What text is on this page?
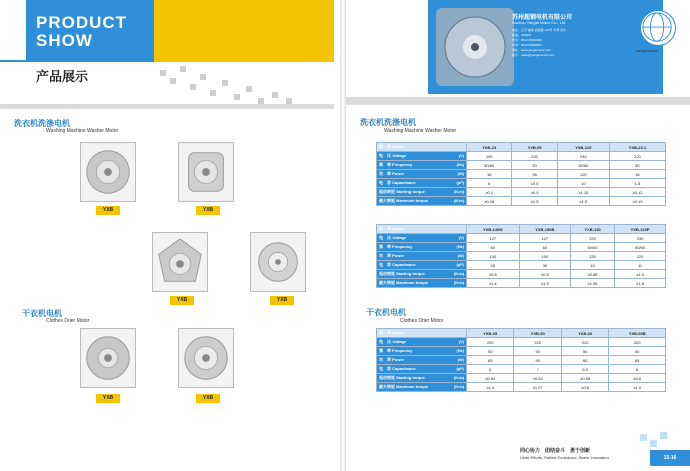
PRODUCT
SHOW
产品展示
洗衣机洗涤电机
Washing Machine Washer Motor
YXB	YXB
YXB	YXB
干衣机电机
Clothes Drier Motor
YXB	YXB
苏州超钢电机有限公司
Suzhou Yangai Motor Co., Ltd.
地址：江苏 福建 高新路 123号 苏州 吴中
邮编：215000
电话：0512-65000000
传真：0512-65000001
网址：www.yangaimotor.com
邮件：sales@yangaimotor.com
yangaimotor
洗衣机洗涤电机
Washing Machine Washer Motor
型　号 Model	YXB-23	YXB-95	YXB-120	YXB-23-1
电　压 Voltage (V)	100	220	240	220
频　率 Frequency (Hz)	50/60	50	50/60	50
功　率 Power (W)	18	95	120	18
电　容 Capacitance (μF)	6	10.5	10	1.5
起动转矩 Starting torque (N.m)	≥0.1	≥0.9	≥1.15	≥0.12
最大转矩 Maximum torque (N.m)	≥0.18	≥1.5	≥1.5	≥0.19
型　号 Model	YXB-140M	YXB-150B	YXB-130	YXB-120P
电　压 Voltage (V)	127	127	220	230
频　率 Frequency (Hz)	60	60	50/60	50/60
功　率 Power (W)	140	150	130	120
电　容 Capacitance (μF)	28	30	10	11
起动转矩 Starting torque (N.m)	≥0.8	≥0.8	≥0.85	≥1.0
最大转矩 Maximum torque (N.m)	≥1.4	≥1.5	≥1.55	≥1.8
干衣机电机
Clothes Drier Motor
型　号 Model	YXB-65	YXB-90	YXB-60	YXB-65B
电　压 Voltage (V)	220	220	220	220
频　率 Frequency (Hz)	50	50	50	50
功　率 Power (W)	65	90	60	65
电　容 Capacitance (μF)	6	7	5.5	6
起动转矩 Starting torque (N.m)	≥0.64	≥0.64	≥0.58	≥0.6
最大转矩 Maximum torque (N.m)	≥1.0	≥1.07	≥0.8	≥1.0
同心协力　团结奋斗　勇于创新
Unite Efforts, Rallied Endeavour, Brave Innovation	15-16
